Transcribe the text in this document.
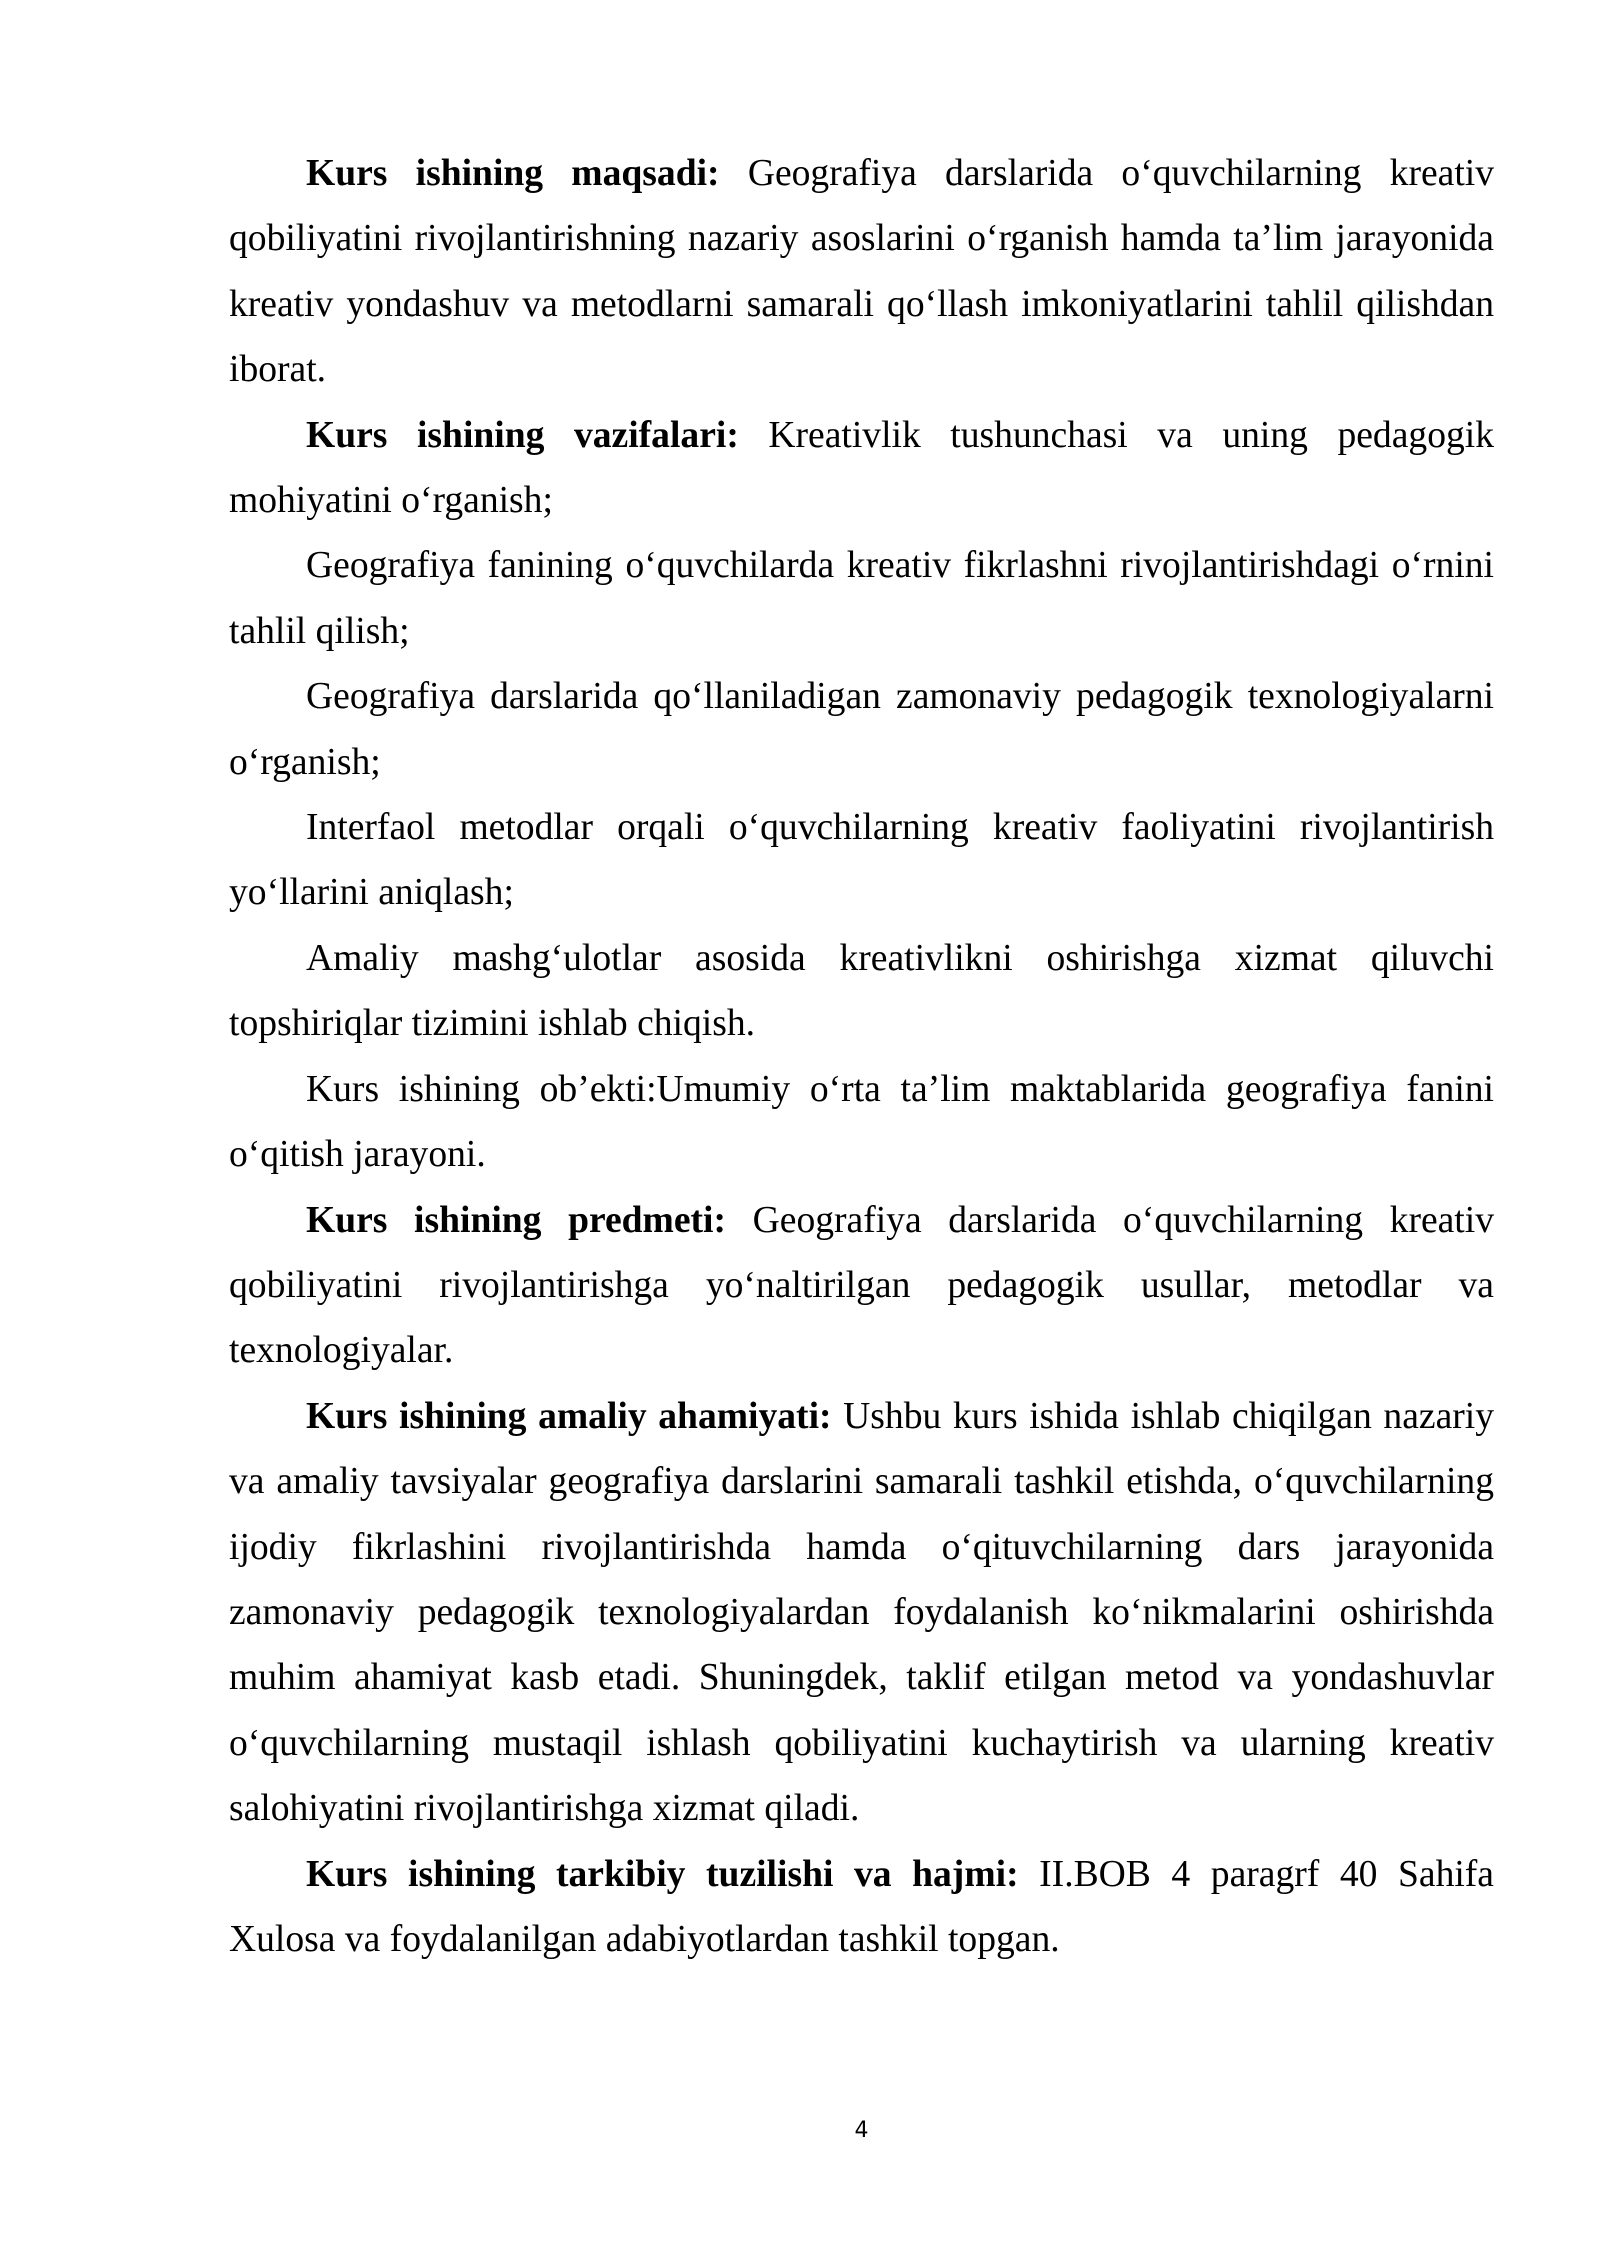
Kurs ishining maqsadi: Geografiya darslarida o‘quvchilarning kreativ qobiliyatini rivojlantirishning nazariy asoslarini o‘rganish hamda ta’lim jarayonida kreativ yondashuv va metodlarni samarali qo‘llash imkoniyatlarini tahlil qilishdan iborat.

Kurs ishining vazifalari: Kreativlik tushunchasi va uning pedagogik mohiyatini o‘rganish;

Geografiya fanining o‘quvchilarda kreativ fikrlashni rivojlantirishdagi o‘rnini tahlil qilish;

Geografiya darslarida qo‘llaniladigan zamonaviy pedagogik texnologiyalarni o‘rganish;

Interfaol metodlar orqali o‘quvchilarning kreativ faoliyatini rivojlantirish yo‘llarini aniqlash;

Amaliy mashg‘ulotlar asosida kreativlikni oshirishga xizmat qiluvchi topshiriqlar tizimini ishlab chiqish.

Kurs ishining ob’ekti:Umumiy o‘rta ta’lim maktablarida geografiya fanini o‘qitish jarayoni.

Kurs ishining predmeti: Geografiya darslarida o‘quvchilarning kreativ qobiliyatini rivojlantirishga yo‘naltirilgan pedagogik usullar, metodlar va texnologiyalar.

Kurs ishining amaliy ahamiyati: Ushbu kurs ishida ishlab chiqilgan nazariy va amaliy tavsiyalar geografiya darslarini samarali tashkil etishda, o‘quvchilarning ijodiy fikrlashini rivojlantirishda hamda o‘qituvchilarning dars jarayonida zamonaviy pedagogik texnologiyalardan foydalanish ko‘nikmalarini oshirishda muhim ahamiyat kasb etadi. Shuningdek, taklif etilgan metod va yondashuvlar o‘quvchilarning mustaqil ishlash qobiliyatini kuchaytirish va ularning kreativ salohiyatini rivojlantirishga xizmat qiladi.

Kurs ishining tarkibiy tuzilishi va hajmi: II.BOB 4 paragrf 40 Sahifa Xulosa va foydalanilgan adabiyotlardan tashkil topgan.

4
